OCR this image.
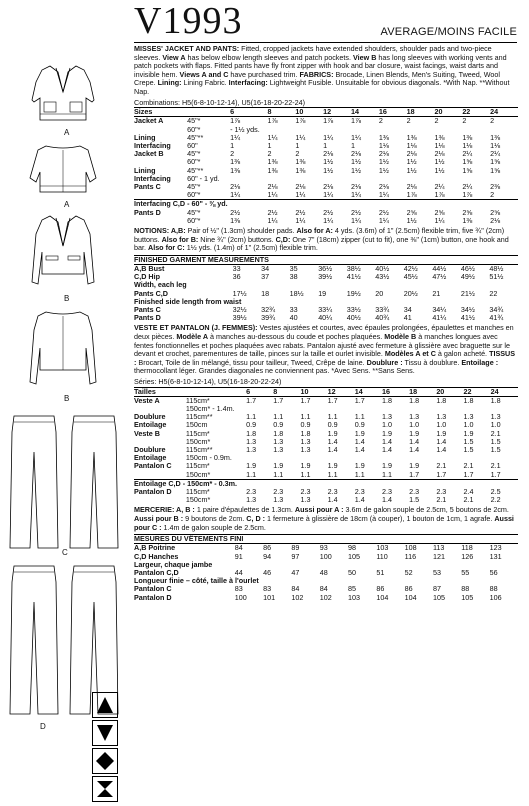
V1993	AVERAGE/MOINS FACILE
A
A
B
B
C
D

MISSES' JACKET AND PANTS: Fitted, cropped jackets have extended shoulders, shoulder pads and two-piece sleeves. View A has below elbow length sleeves and patch pockets. View B has long sleeves with working vents and patch pockets with flaps. Fitted pants have fly front zipper with hook and bar closure, waist facings, waist darts and invisible hem. Views A and C have purchased trim. FABRICS: Brocade, Linen Blends, Men's Suiting, Tweed, Wool Crepe. Lining: Lining Fabric. Interfacing: Lightweight Fusible. Unsuitable for obvious diagonals. *With Nap. **Without Nap.

Combinations: H5(6-8-10-12-14), U5(16-18-20-22-24)
Sizes		6	8	10	12	14	16	18	20	22	24
Jacket A	45"*	1⅞	1⅞	1⅞	1⅞	1⅞	2	2	2	2	2
	60"*	- 1½ yds.									
Lining	45"**	1¼	1¼	1¼	1¼	1¼	1⅜	1⅜	1⅜	1⅜	1⅜
Interfacing	60"	1	1	1	1	1	1⅛	1⅛	1⅛	1⅛	1⅛
Jacket B	45"*	2	2	2	2⅛	2⅛	2⅛	2⅛	2⅛	2¼	2¼
	60"*	1⅜	1⅜	1⅜	1½	1½	1½	1½	1½	1⅝	1⅝
Lining	45"**	1⅜	1⅜	1⅜	1½	1½	1½	1½	1½	1⅝	1⅝
Interfacing	60" - 1 yd.										
Pants C	45"*	2⅛	2⅛	2⅛	2⅛	2⅛	2⅛	2⅛	2¼	2¼	2⅜
	60"*	1¼	1¼	1¼	1¼	1¼	1¼	1⅞	1⅞	1⅞	2
Interfacing C,D - 60" - ⅜ yd.											
Pants D	45"*	2½	2½	2½	2½	2½	2½	2⅝	2⅝	2⅝	2⅝
	60"*	1⅜	1¼	1¼	1¼	1¼	1¼	1½	1¼	1⅜	2⅛
NOTIONS: A,B: Pair of ½" (1.3cm) shoulder pads. Also for A: 4 yds. (3.6m) of 1" (2.5cm) flexible trim, five ¾" (2cm) buttons. Also for B: Nine ¾" (2cm) buttons. C,D: One 7" (18cm) zipper (cut to fit), one ⅜" (1cm) button, one hook and bar. Also for C: 1½ yds. (1.4m) of 1" (2.5cm) flexible trim.
FINISHED GARMENT MEASUREMENTS										
A,B Bust	33	34	35	36½	38½	40½	42½	44½	46½	48½
C,D Hip	36	37	38	39½	41½	43½	45½	47½	49½	51½
Width, each leg										
Pants C,D	17½	18	18½	19	19½	20	20½	21	21½	22
Finished side length from waist										
Pants C	32½	32¾	33	33¼	33½	33¾	34	34¼	34½	34¾
Pants D	39½	39¾	40	40¼	40½	40¾	41	41¼	41½	41¾
VESTE ET PANTALON (J. FEMMES): Vestes ajustées et courtes, avec épaules prolongées, épaulettes et manches en deux pièces. Modèle A à manches au-dessous du coude et poches plaquées. Modèle B à manches longues avec fentes fonctionnelles et poches plaquées avec rabats. Pantalon ajusté avec fermeture à glissière avec braguette sur le devant et crochet, parementures de taille, pinces sur la taille et ourlet invisible. Modèles A et C à galon acheté. TISSUS : Brocart, Toile de lin mélangé, tissu pour tailleur, Tweed, Crêpe de laine. Doublure : Tissu à doublure. Entoilage : thermocollant léger. Grandes diagonales ne conviennent pas. *Avec Sens. **Sans Sens.
Séries: H5(6-8-10-12-14), U5(16-18-20-22-24)
Tailles		6	8	10	12	14	16	18	20	22	24
Veste A	115cm*	1.7	1.7	1.7	1.7	1.7	1.8	1.8	1.8	1.8	1.8
	150cm* - 1.4m.										
Doublure	115cm**	1.1	1.1	1.1	1.1	1.1	1.3	1.3	1.3	1.3	1.3
Entoilage	150cm	0.9	0.9	0.9	0.9	0.9	1.0	1.0	1.0	1.0	1.0
Veste B	115cm*	1.8	1.8	1.8	1.9	1.9	1.9	1.9	1.9	1.9	2.1
	150cm*	1.3	1.3	1.3	1.4	1.4	1.4	1.4	1.4	1.5	1.5
Doublure	115cm**	1.3	1.3	1.3	1.4	1.4	1.4	1.4	1.4	1.5	1.5
Entoilage	150cm - 0.9m.										
Pantalon C	115cm*	1.9	1.9	1.9	1.9	1.9	1.9	1.9	2.1	2.1	2.1
	150cm*	1.1	1.1	1.1	1.1	1.1	1.1	1.7	1.7	1.7	1.7
Entoilage C,D - 150cm* - 0.3m.											
Pantalon D	115cm*	2.3	2.3	2.3	2.3	2.3	2.3	2.3	2.3	2.4	2.5
	150cm*	1.3	1.3	1.3	1.4	1.4	1.4	1.5	2.1	2.1	2.2
MERCERIE: A, B : 1 paire d'épaulettes de 1.3cm. Aussi pour A : 3.6m de galon souple de 2.5cm, 5 boutons de 2cm. Aussi pour B : 9 boutons de 2cm. C, D : 1 fermeture à glissière de 18cm (à couper), 1 bouton de 1cm, 1 agrafe. Aussi pour C : 1.4m de galon souple de 2.5cm.
MESURES DU VÊTEMENTS FINI										
A,B Poitrine	84	86	89	93	98	103	108	113	118	123
C,D Hanches	91	94	97	100	105	110	116	121	126	131
Largeur, chaque jambe										
Pantalon C,D	44	46	47	48	50	51	52	53	55	56
Longueur finie – côté, taille à l'ourlet										
Pantalon C	83	83	84	84	85	86	86	87	88	88
Pantalon D	100	101	102	102	103	104	104	105	105	106
